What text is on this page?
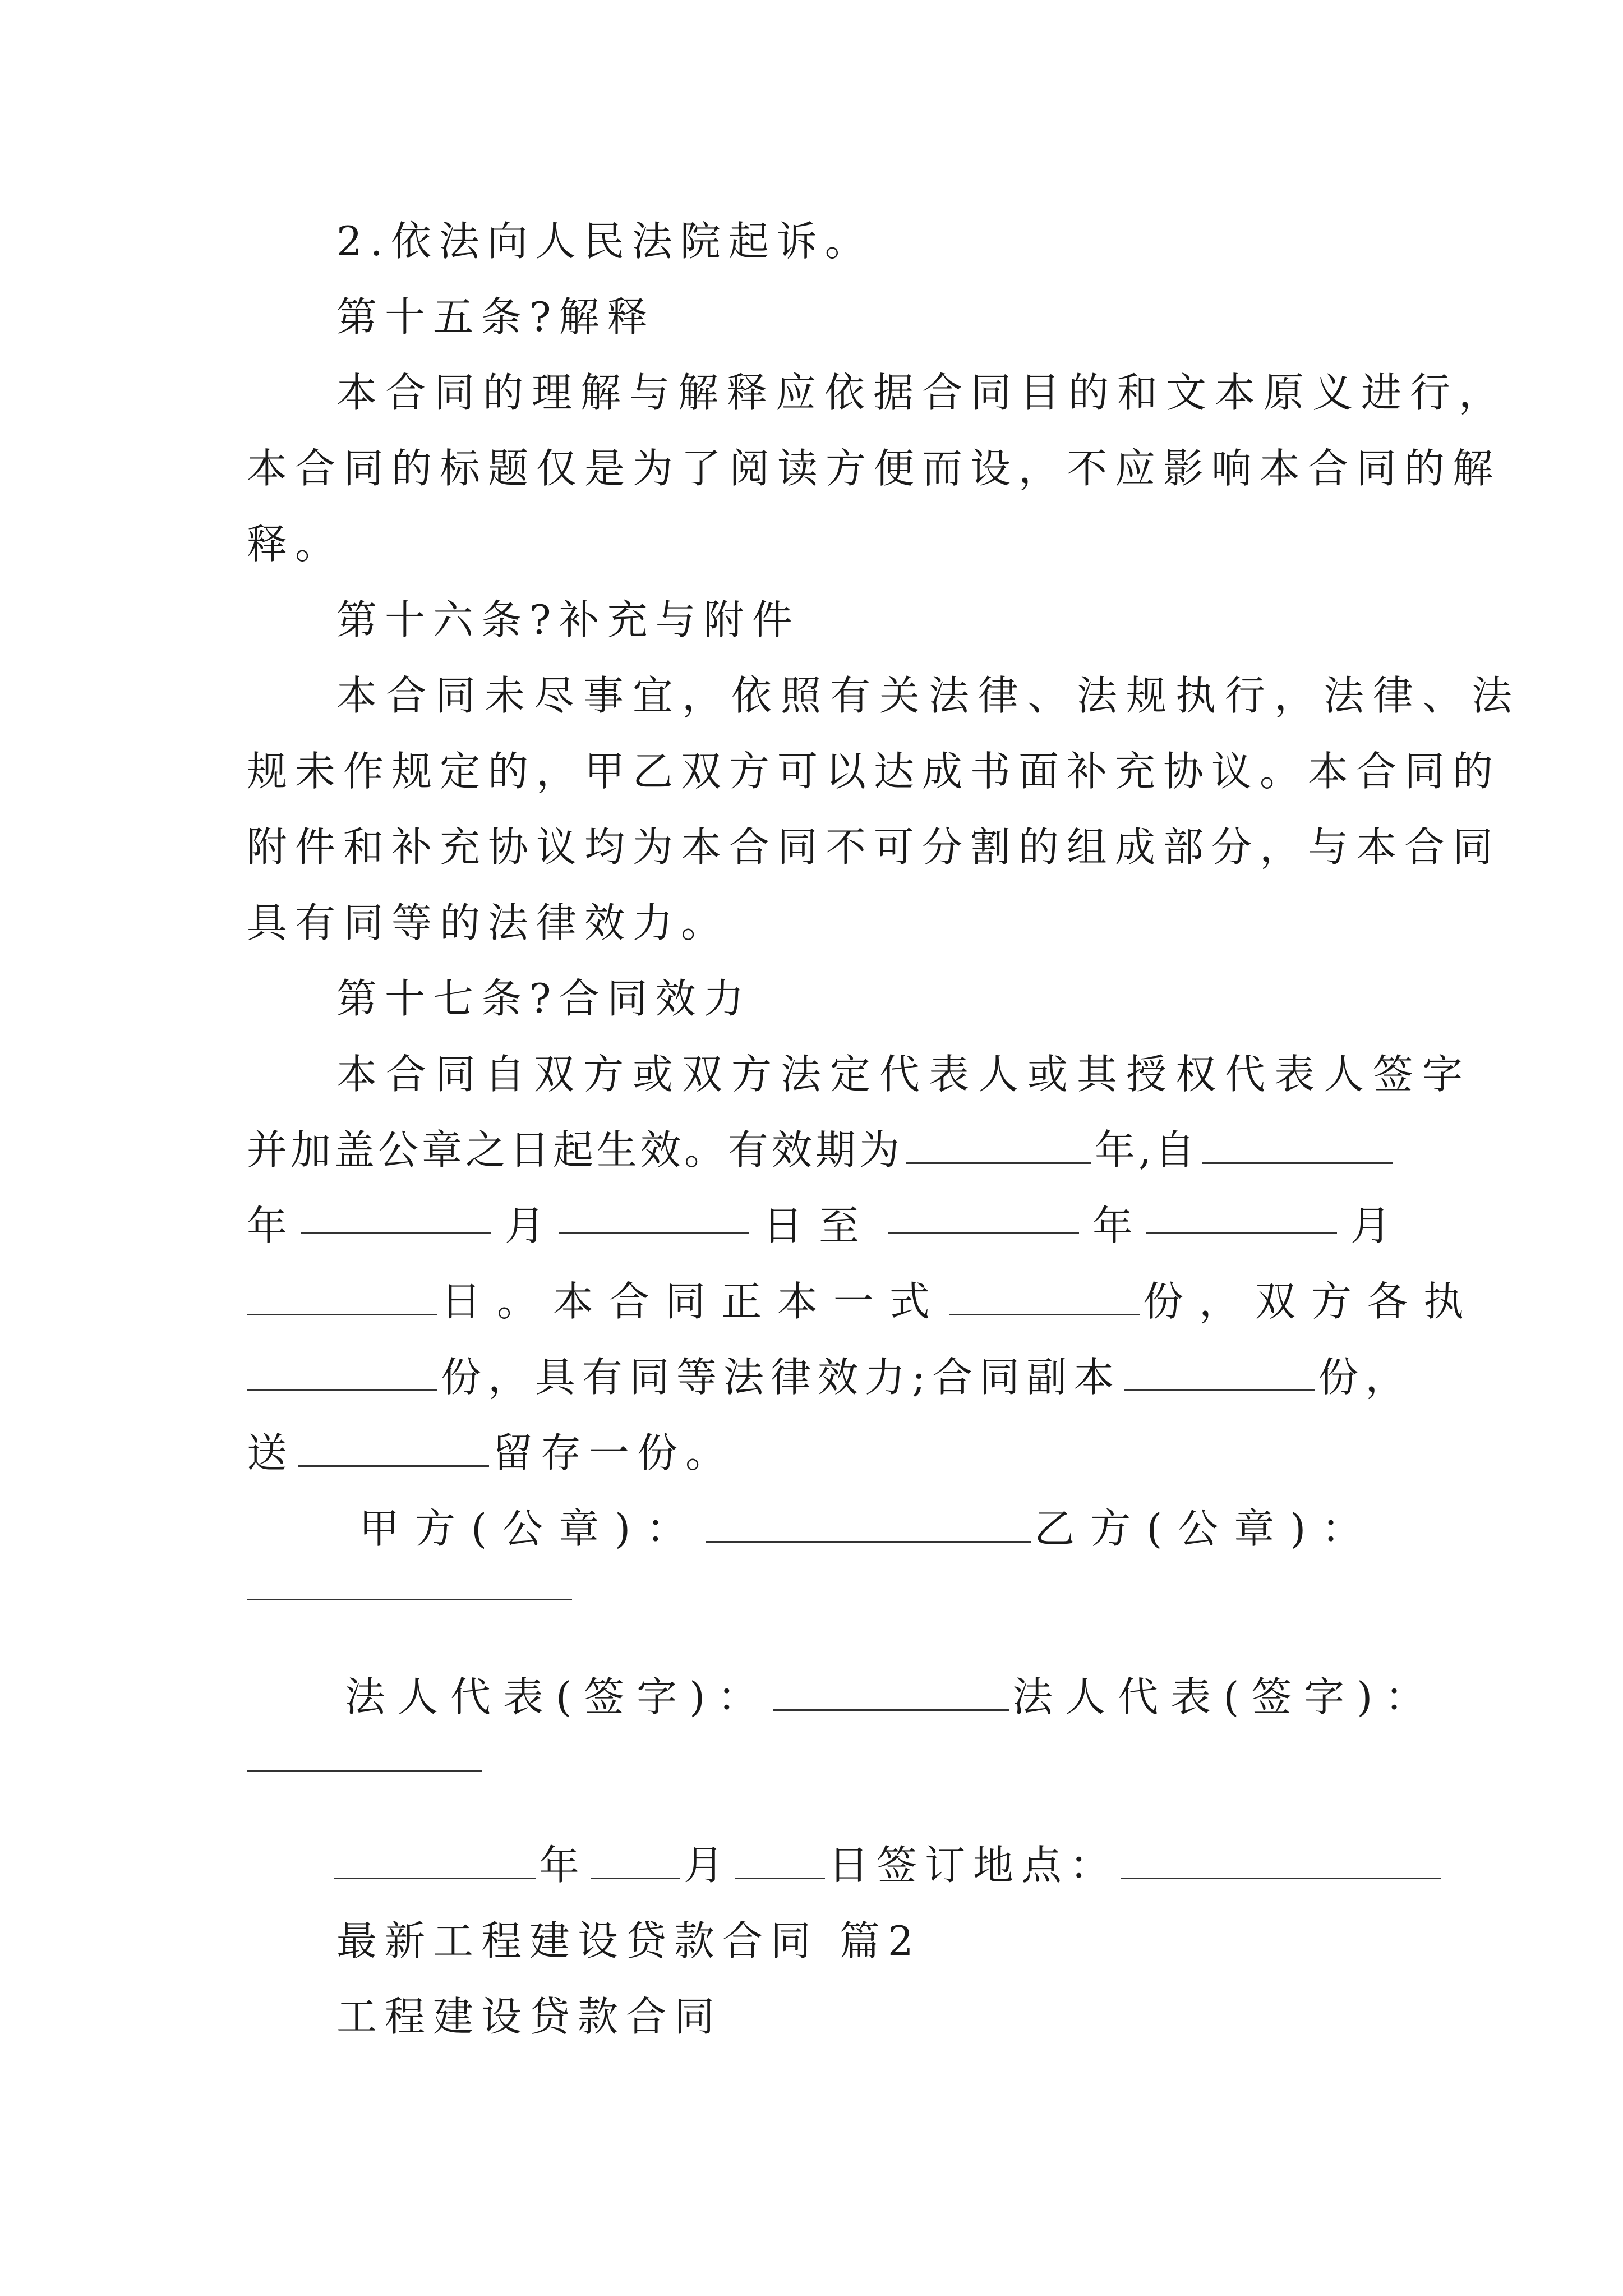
2.依法向人民法院起诉。
第十五条?解释
本合同的理解与解释应依据合同目的和文本原义进行，
本合同的标题仅是为了阅读方便而设，不应影响本合同的解
释。
第十六条?补充与附件
本合同未尽事宜，依照有关法律、法规执行，法律、法
规未作规定的，甲乙双方可以达成书面补充协议。本合同的
附件和补充协议均为本合同不可分割的组成部分，与本合同
具有同等的法律效力。
第十七条?合同效力
本合同自双方或双方法定代表人或其授权代表人签字
并加盖公章之日起生效。有效期为	年,自
年	月	日至	年	月
日。本合同正本一式	份，双方各执
份，具有同等法律效力;合同副本	份，
送	留存一份。
甲方(公章)：	乙方(公章)：
法人代表(签字)：	法人代表(签字)：
年 月 日签订地点：
最新工程建设贷款合同 篇2
工程建设贷款合同
